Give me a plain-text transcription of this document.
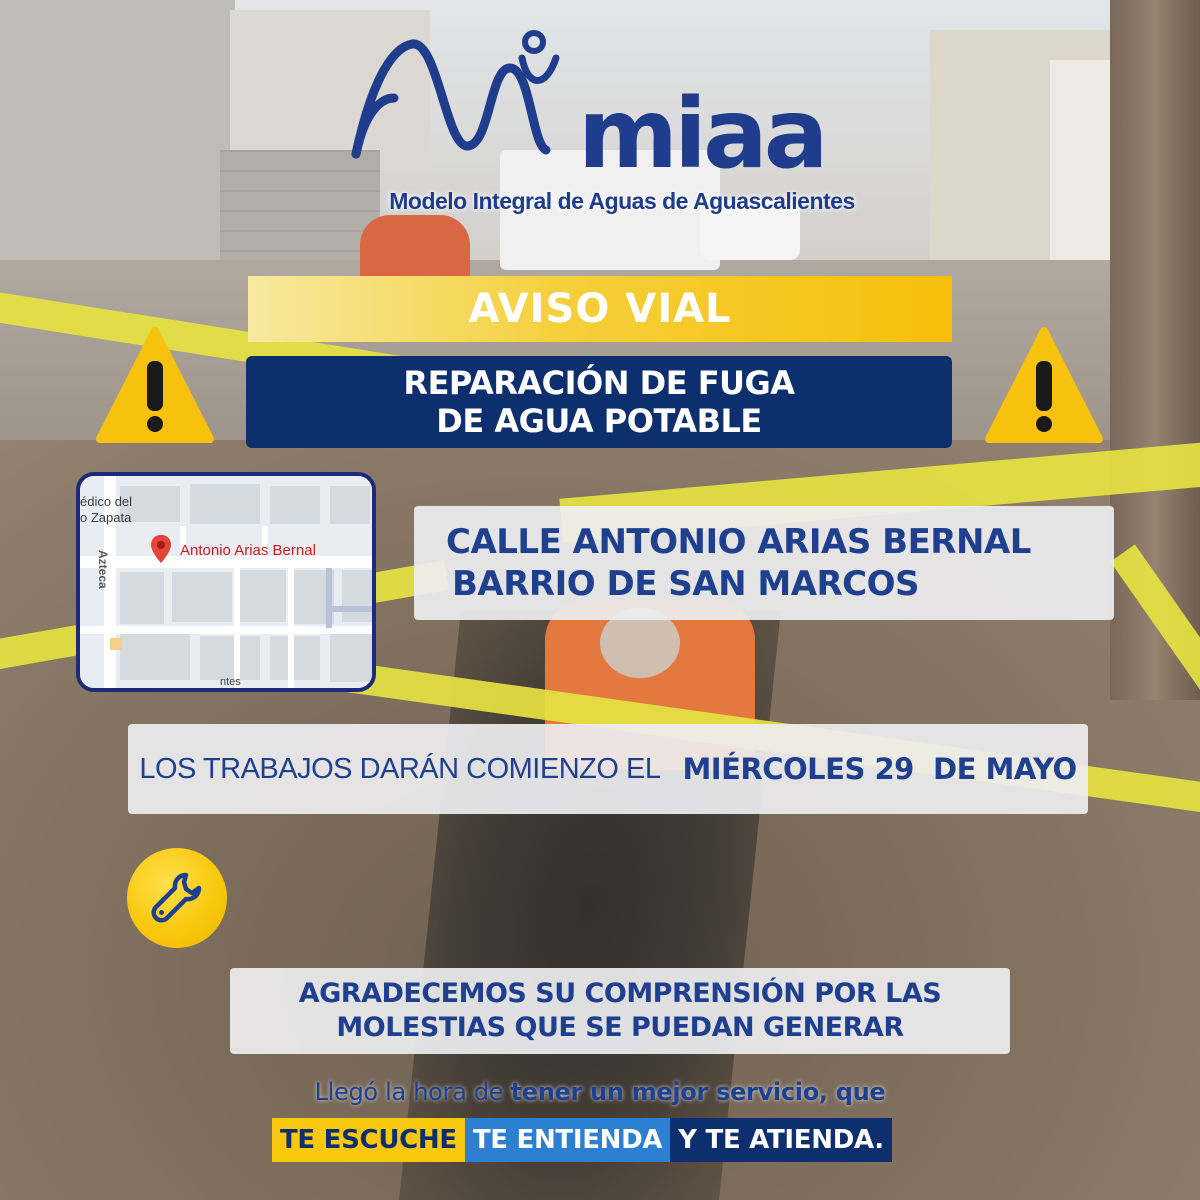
miaa
Modelo Integral de Aguas de Aguascalientes
AVISO VIAL
REPARACIÓN DE FUGA
DE AGUA POTABLE
édico del
o Zapata
Antonio Arias Bernal
Azteca
ntes
CALLE ANTONIO ARIAS BERNAL
BARRIO DE SAN MARCOS
LOS TRABAJOS DARÁN COMIENZO EL MIÉRCOLES 29  DE MAYO
AGRADECEMOS SU COMPRENSIÓN POR LAS
MOLESTIAS QUE SE PUEDAN GENERAR
Llegó la hora de tener un mejor servicio, que
TE ESCUCHE TE ENTIENDA Y TE ATIENDA.
